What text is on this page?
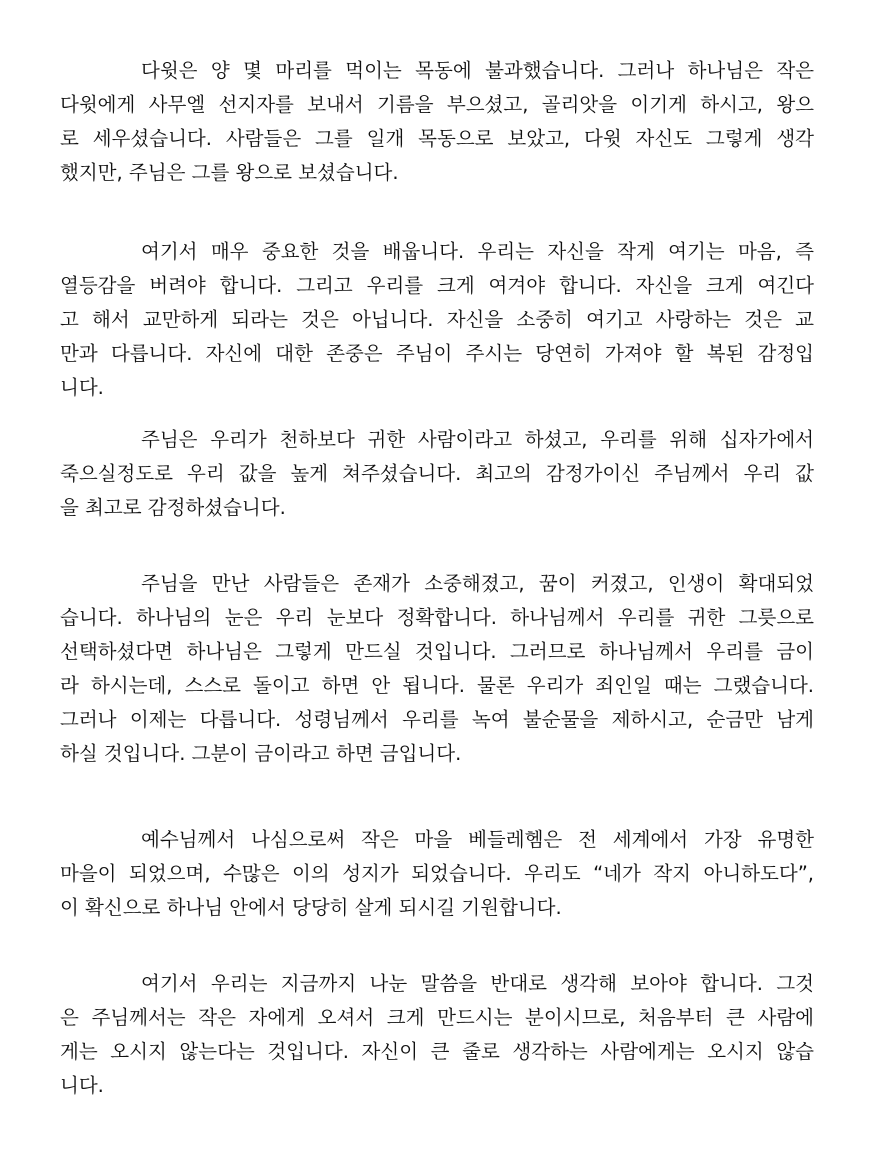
다윗은 양 몇 마리를 먹이는 목동에 불과했습니다. 그러나 하나님은 작은
다윗에게 사무엘 선지자를 보내서 기름을 부으셨고, 골리앗을 이기게 하시고, 왕으
로 세우셨습니다. 사람들은 그를 일개 목동으로 보았고, 다윗 자신도 그렇게 생각
했지만, 주님은 그를 왕으로 보셨습니다.
여기서 매우 중요한 것을 배웁니다. 우리는 자신을 작게 여기는 마음, 즉
열등감을 버려야 합니다. 그리고 우리를 크게 여겨야 합니다. 자신을 크게 여긴다
고 해서 교만하게 되라는 것은 아닙니다. 자신을 소중히 여기고 사랑하는 것은 교
만과 다릅니다. 자신에 대한 존중은 주님이 주시는 당연히 가져야 할 복된 감정입
니다.
주님은 우리가 천하보다 귀한 사람이라고 하셨고, 우리를 위해 십자가에서
죽으실정도로 우리 값을 높게 쳐주셨습니다. 최고의 감정가이신 주님께서 우리 값
을 최고로 감정하셨습니다.
주님을 만난 사람들은 존재가 소중해졌고, 꿈이 커졌고, 인생이 확대되었
습니다. 하나님의 눈은 우리 눈보다 정확합니다. 하나님께서 우리를 귀한 그릇으로
선택하셨다면 하나님은 그렇게 만드실 것입니다. 그러므로 하나님께서 우리를 금이
라 하시는데, 스스로 돌이고 하면 안 됩니다. 물론 우리가 죄인일 때는 그랬습니다.
그러나 이제는 다릅니다. 성령님께서 우리를 녹여 불순물을 제하시고, 순금만 남게
하실 것입니다. 그분이 금이라고 하면 금입니다.
예수님께서 나심으로써 작은 마을 베들레헴은 전 세계에서 가장 유명한
마을이 되었으며, 수많은 이의 성지가 되었습니다. 우리도 “네가 작지 아니하도다”,
이 확신으로 하나님 안에서 당당히 살게 되시길 기원합니다.
여기서 우리는 지금까지 나눈 말씀을 반대로 생각해 보아야 합니다. 그것
은 주님께서는 작은 자에게 오셔서 크게 만드시는 분이시므로, 처음부터 큰 사람에
게는 오시지 않는다는 것입니다. 자신이 큰 줄로 생각하는 사람에게는 오시지 않습
니다.
